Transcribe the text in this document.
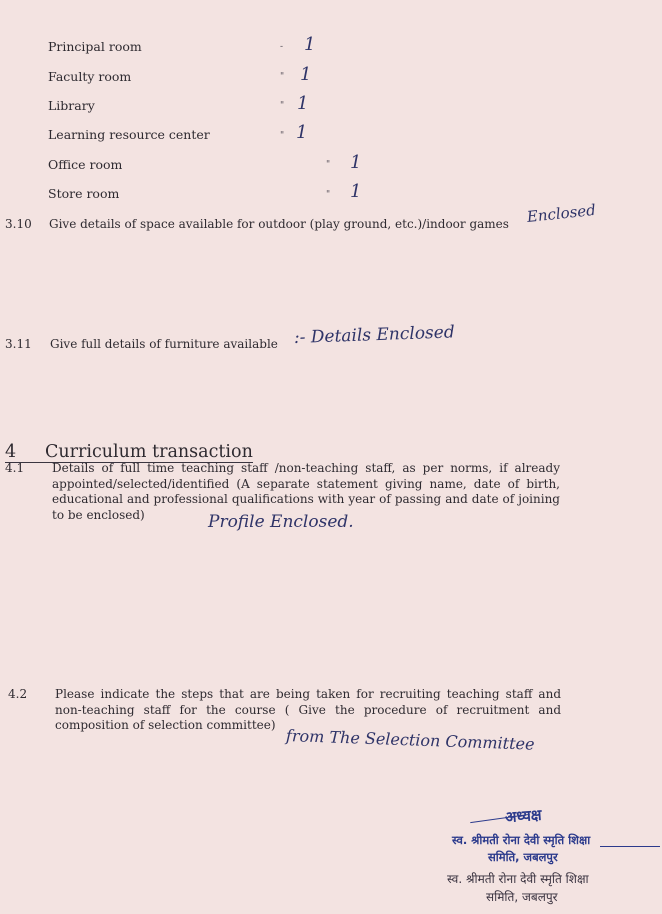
Principal room	- 1
Faculty room	" 1
Library	" 1
Learning resource center	" 1
Office room	" 1
Store room	" 1
3.10 Give details of space available for outdoor (play ground, etc.)/indoor games Enclosed
3.11 Give full details of furniture available :- Details Enclosed
4 Curriculum transaction
4.1 Details of full time teaching staff /non-teaching staff, as per norms, if already appointed/selected/identified (A separate statement giving name, date of birth, educational and professional qualifications with year of passing and date of joining to be enclosed)	Profile Enclosed.
4.2 Please indicate the steps that are being taken for recruiting teaching staff and non-teaching staff for the course ( Give the procedure of recruitment and composition of selection committee)
from The Selection Committee
अध्यक्ष
स्व. श्रीमती रोना देवी स्मृति शिक्षा
समिति, जबलपुर
स्व. श्रीमती रोना देवी स्मृति शिक्षा
समिति, जबलपुर
